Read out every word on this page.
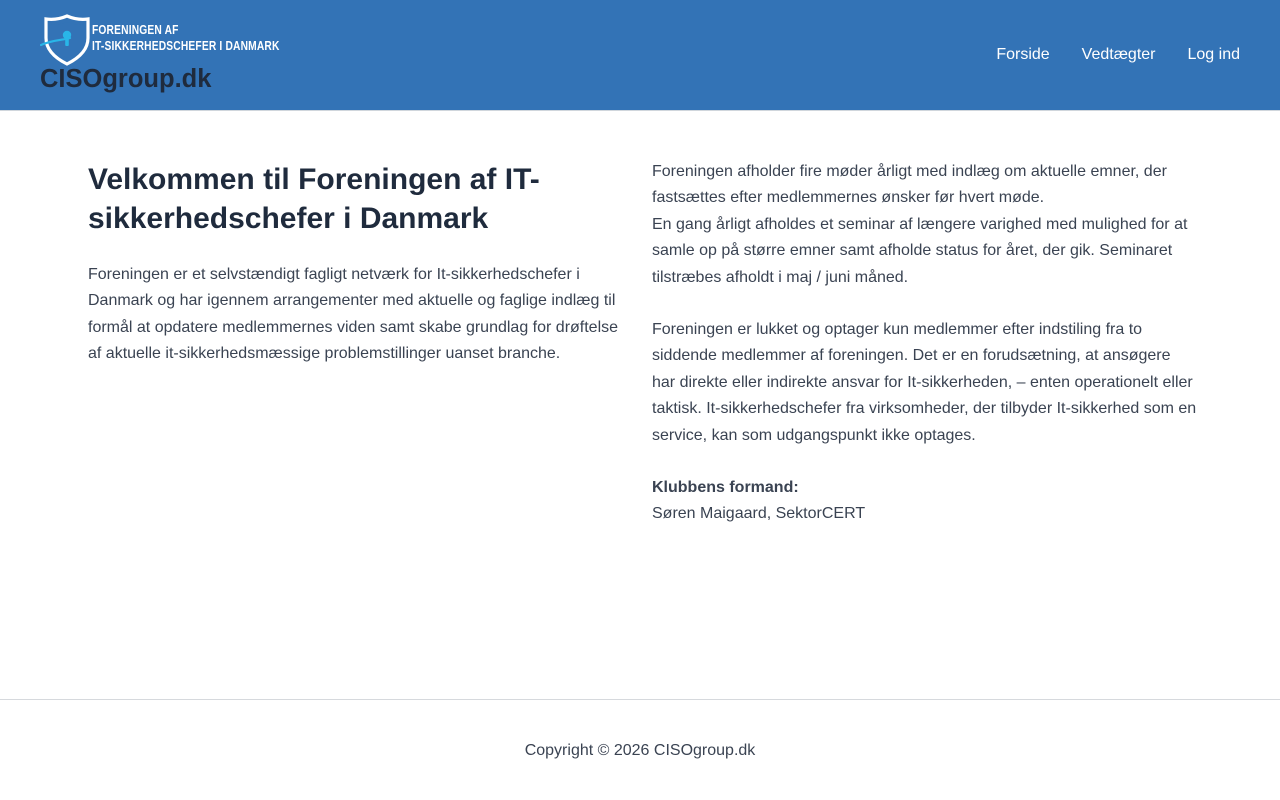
FORENINGEN AF
IT-SIKKERHEDSCHEFER I DANMARK
CISOgroup.dk
Forside Vedtægter Log ind
Velkommen til Foreningen af IT-sikkerhedschefer i Danmark

Foreningen er et selvstændigt fagligt netværk for It-sikkerhedschefer i Danmark og har igennem arrangementer med aktuelle og faglige indlæg til formål at opdatere medlemmernes viden samt skabe grundlag for drøftelse af aktuelle it-sikkerhedsmæssige problemstillinger uanset branche.

Foreningen afholder fire møder årligt med indlæg om aktuelle emner, der fastsættes efter medlemmernes ønsker før hvert møde.
En gang årligt afholdes et seminar af længere varighed med mulighed for at samle op på større emner samt afholde status for året, der gik. Seminaret tilstræbes afholdt i maj / juni måned.

Foreningen er lukket og optager kun medlemmer efter indstiling fra to siddende medlemmer af foreningen. Det er en forudsætning, at ansøgere har direkte eller indirekte ansvar for It-sikkerheden, – enten operationelt eller taktisk. It-sikkerhedschefer fra virksomheder, der tilbyder It-sikkerhed som en service, kan som udgangspunkt ikke optages.

Klubbens formand:
Søren Maigaard, SektorCERT

Copyright © 2026 CISOgroup.dk
